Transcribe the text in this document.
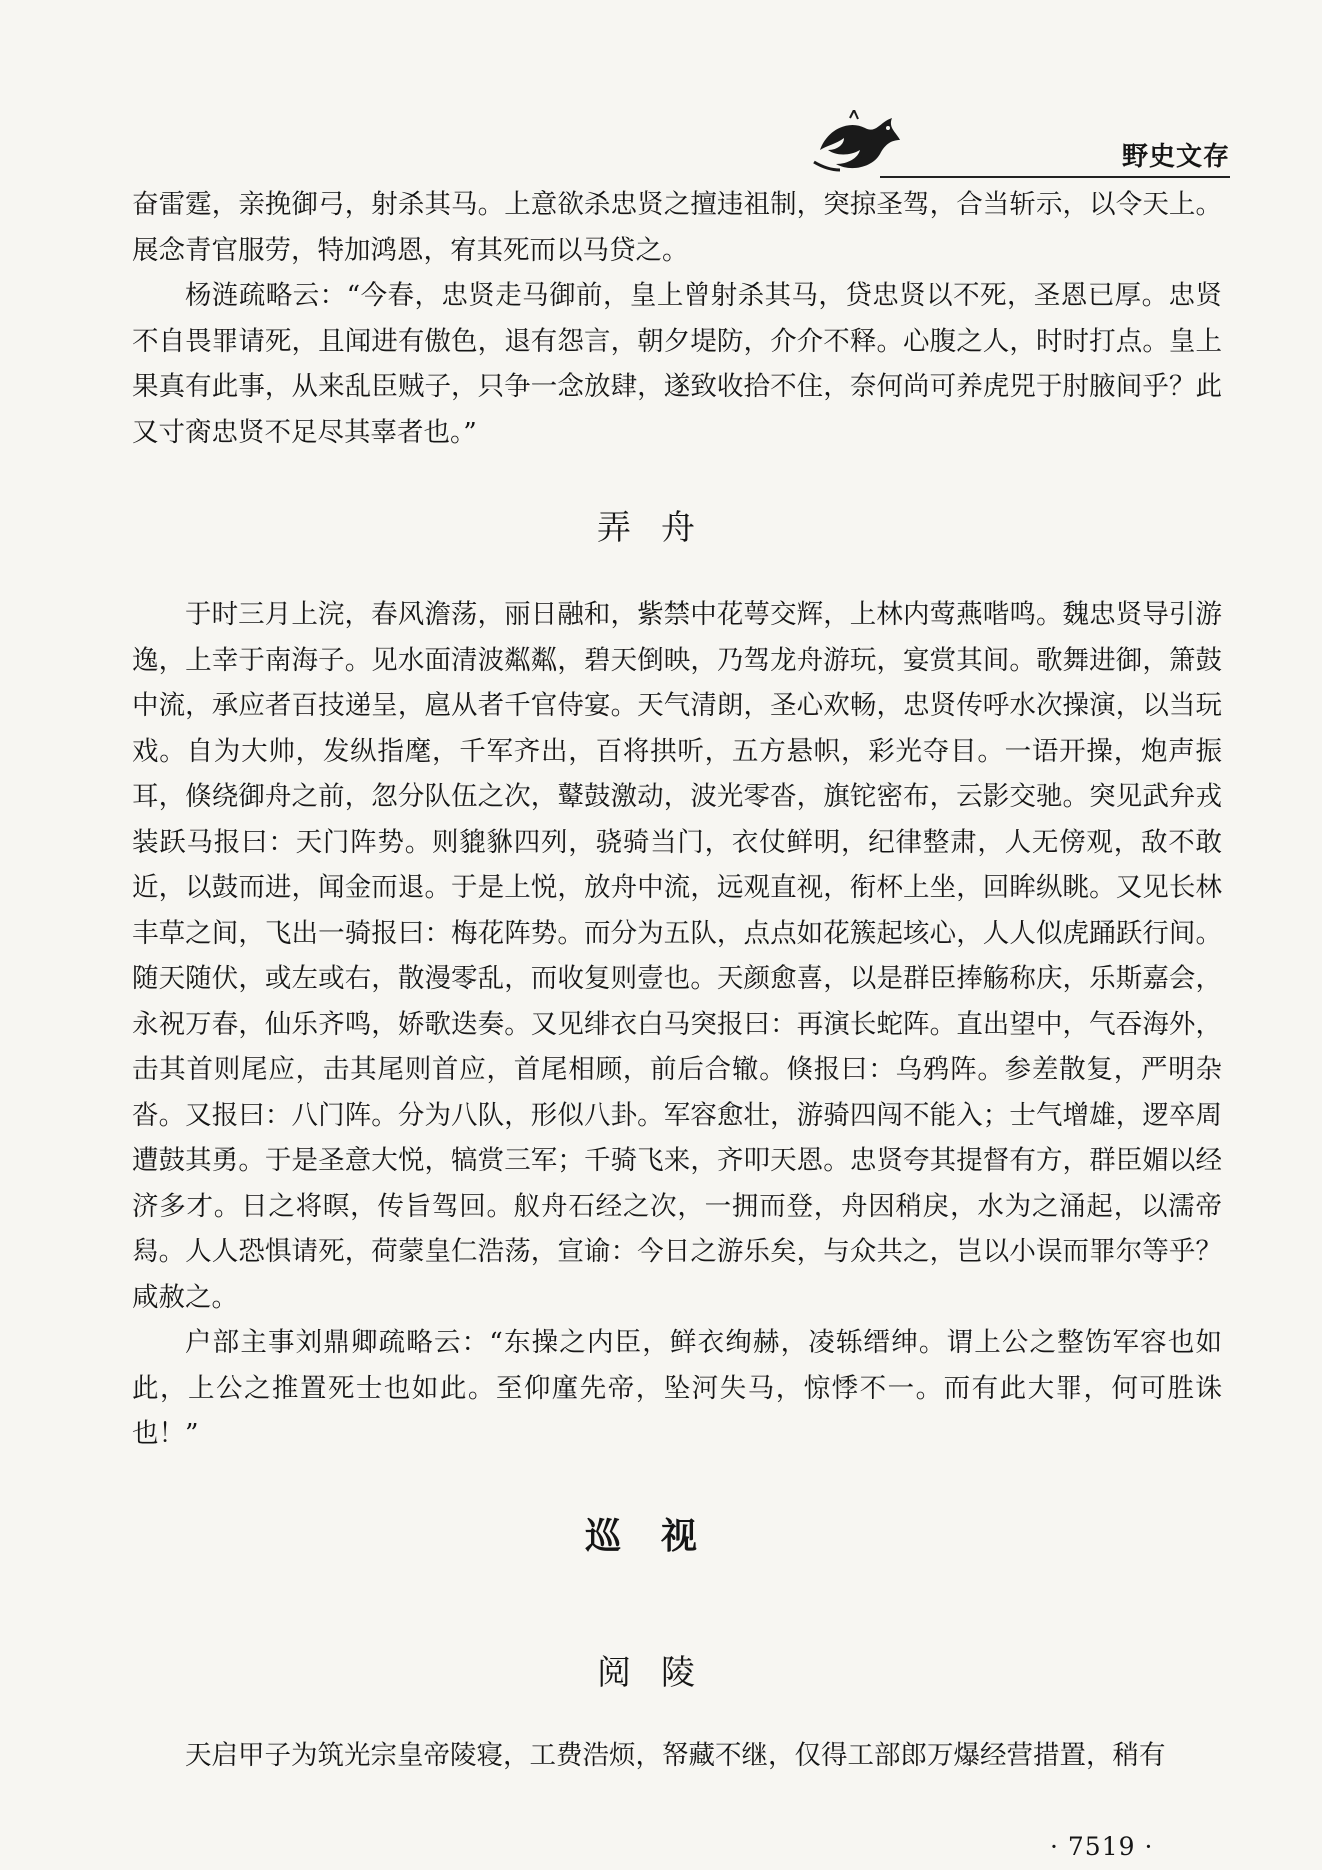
野史文存

奋雷霆，亲挽御弓，射杀其马。上意欲杀忠贤之擅违祖制，突掠圣驾，合当斩示，以令天上。展念青官服劳，特加鸿恩，宥其死而以马贷之。

杨涟疏略云：“今春，忠贤走马御前，皇上曾射杀其马，贷忠贤以不死，圣恩已厚。忠贤不自畏罪请死，且闻进有傲色，退有怨言，朝夕堤防，介介不释。心腹之人，时时打点。皇上果真有此事，从来乱臣贼子，只争一念放肆，遂致收拾不住，奈何尚可养虎兕于肘腋间乎？此又寸脔忠贤不足尽其辜者也。”

弄舟

于时三月上浣，春风澹荡，丽日融和，紫禁中花萼交辉，上林内莺燕喈鸣。魏忠贤导引游逸，上幸于南海子。见水面清波粼粼，碧天倒映，乃驾龙舟游玩，宴赏其间。歌舞进御，箫鼓中流，承应者百技递呈，扈从者千官侍宴。天气清朗，圣心欢畅，忠贤传呼水次操演，以当玩戏。自为大帅，发纵指麾，千军齐出，百将拱听，五方悬帜，彩光夺目。一语开操，炮声振耳，倏绕御舟之前，忽分队伍之次，鼙鼓激动，波光零沓，旗铊密布，云影交驰。突见武弁戎装跃马报曰：天门阵势。则貔貅四列，骁骑当门，衣仗鲜明，纪律整肃，人无傍观，敌不敢近，以鼓而进，闻金而退。于是上悦，放舟中流，远观直视，衔杯上坐，回眸纵眺。又见长林丰草之间，飞出一骑报曰：梅花阵势。而分为五队，点点如花簇起垓心，人人似虎踊跃行间。随天随伏，或左或右，散漫零乱，而收复则壹也。天颜愈喜，以是群臣捧觞称庆，乐斯嘉会，永祝万春，仙乐齐鸣，娇歌迭奏。又见绯衣白马突报曰：再演长蛇阵。直出望中，气吞海外，击其首则尾应，击其尾则首应，首尾相顾，前后合辙。倏报曰：乌鸦阵。参差散复，严明杂沓。又报曰：八门阵。分为八队，形似八卦。军容愈壮，游骑四闯不能入；士气增雄，逻卒周遭鼓其勇。于是圣意大悦，犒赏三军；千骑飞来，齐叩天恩。忠贤夸其提督有方，群臣媚以经济多才。日之将暝，传旨驾回。舣舟石经之次，一拥而登，舟因稍戾，水为之涌起，以濡帝舄。人人恐惧请死，荷蒙皇仁浩荡，宣谕：今日之游乐矣，与众共之，岂以小误而罪尔等乎？咸赦之。

户部主事刘鼎卿疏略云：“东操之内臣，鲜衣绚赫，凌轹缙绅。谓上公之整饬军容也如此，上公之推置死士也如此。至仰廑先帝，坠河失马，惊悸不一。而有此大罪，何可胜诛也！”

巡视
阅陵

天启甲子为筑光宗皇帝陵寝，工费浩烦，帑藏不继，仅得工部郎万爆经营措置，稍有

· 7519 ·
